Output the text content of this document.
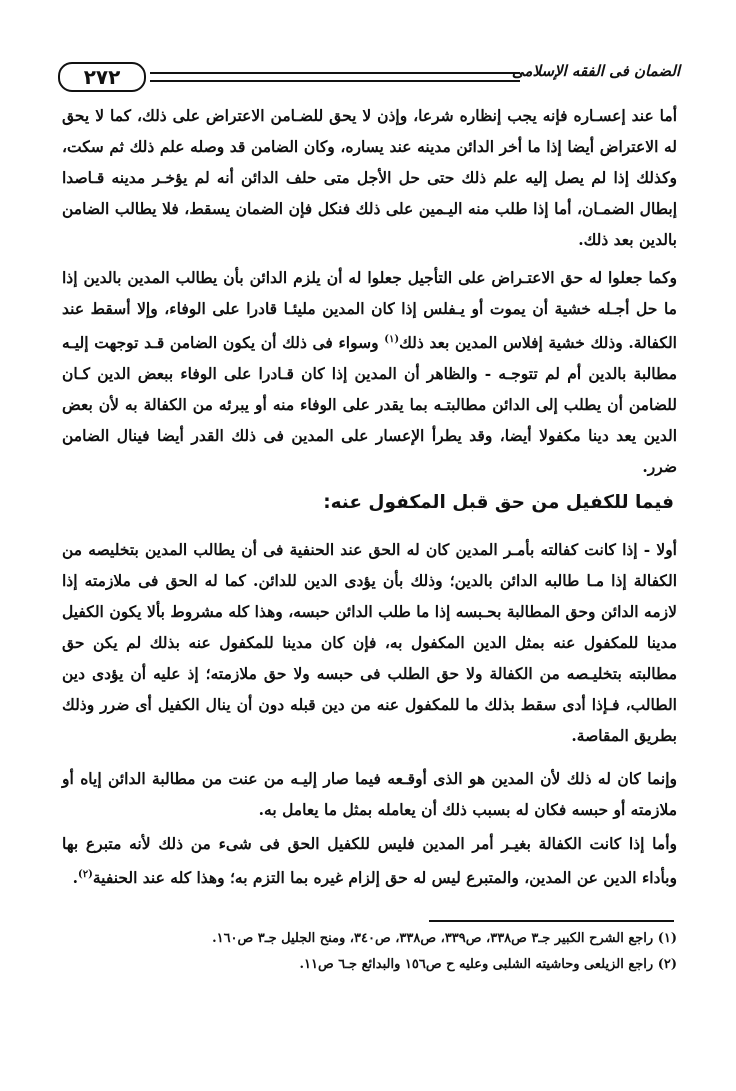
٢٧٢	الضمان فى الفقه الإسلامى

أما عند إعسـاره فإنه يجب إنظاره شرعا، وإذن لا يحق للضـامن الاعتراض على ذلك، كما لا يحق له الاعتراض أيضا إذا ما أخر الدائن مدينه عند يساره، وكان الضامن قد وصله علم ذلك ثم سكت، وكذلك إذا لم يصل إليه علم ذلك حتى حل الأجل متى حلف الدائن أنه لم يؤخـر مدينه قـاصدا إبطال الضمـان، أما إذا طلب منه اليـمين على ذلك فنكل فإن الضمان يسقط، فلا يطالب الضامن بالدين بعد ذلك.

وكما جعلوا له حق الاعتـراض على التأجيل جعلوا له أن يلزم الدائن بأن يطالب المدين بالدين إذا ما حل أجـله خشية أن يموت أو يـفلس إذا كان المدين مليئـا قادرا على الوفاء، وإلا أسقط عند الكفالة. وذلك خشية إفلاس المدين بعد ذلك$^{(١)}$ وسواء فى ذلك أن يكون الضامن قـد توجهت إليـه مطالبة بالدين أم لم تتوجـه - والظاهر أن المدين إذا كان قـادرا على الوفاء ببعض الدين كـان للضامن أن يطلب إلى الدائن مطالبتـه بما يقدر على الوفاء منه أو يبرئه من الكفالة به لأن بعض الدين يعد دينا مكفولا أيضا، وقد يطرأ الإعسار على المدين فى ذلك القدر أيضا فينال الضامن ضرر.

فيما للكفيل من حق قبل المكفول عنه:

أولا - إذا كانت كفالته بأمـر المدين كان له الحق عند الحنفية فى أن يطالب المدين بتخليصه من الكفالة إذا مـا طالبه الدائن بالدين؛ وذلك بأن يؤدى الدين للدائن. كما له الحق فى ملازمته إذا لازمه الدائن وحق المطالبة بحـبسه إذا ما طلب الدائن حبسه، وهذا كله مشروط بألا يكون الكفيل مدينا للمكفول عنه بمثل الدين المكفول به، فإن كان مدينا للمكفول عنه بذلك لم يكن حق مطالبته بتخليـصه من الكفالة ولا حق الطلب فى حبسه ولا حق ملازمته؛ إذ عليه أن يؤدى دين الطالب، فـإذا أدى سقط بذلك ما للمكفول عنه من دين قبله دون أن ينال الكفيل أى ضرر وذلك بطريق المقاصة.

وإنما كان له ذلك لأن المدين هو الذى أوقـعه فيما صار إليـه من عنت من مطالبة الدائن إياه أو ملازمته أو حبسه فكان له بسبب ذلك أن يعامله بمثل ما يعامل به.

وأما إذا كانت الكفالة بغيـر أمر المدين فليس للكفيل الحق فى شىء من ذلك لأنه متبرع بها وبأداء الدين عن المدين، والمتبرع ليس له حق إلزام غيره بما التزم به؛ وهذا كله عند الحنفية$^{(٢)}$.

(١) راجع الشرح الكبير جـ٣ ص٣٣٨، ص٣٣٩، ص٣٣٨، ص٣٤٠، ومنح الجليل جـ٣ ص١٦٠.
(٢) راجع الزيلعى وحاشيته الشلبى وعليه ح ص١٥٦ والبدائع جـ٦ ص١١.
